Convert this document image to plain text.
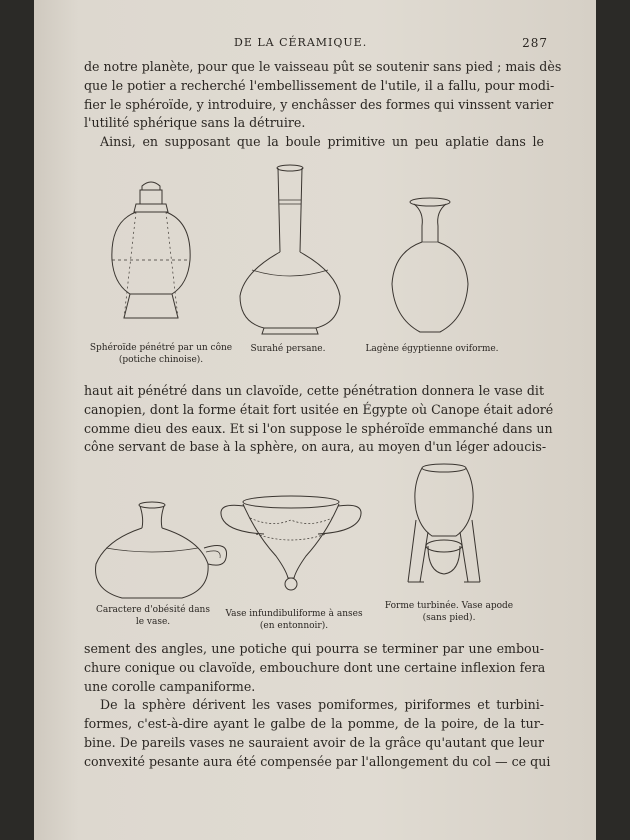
DE LA CÉRAMIQUE.	287
de notre planète, pour que le vaisseau pût se soutenir sans pied ; mais dès
que le potier a recherché l'embellissement de l'utile, il a fallu, pour modi-
fier le sphéroïde, y introduire, y enchâsser des formes qui vinssent varier
l'utilité sphérique sans la détruire.
Ainsi, en supposant que la boule primitive un peu aplatie dans le
Sphéroïde pénétré par un cône
(potiche chinoise).
Surahé persane.	Lagène égyptienne oviforme.
haut ait pénétré dans un clavoïde, cette pénétration donnera le vase dit
canopien, dont la forme était fort usitée en Égypte où Canope était adoré
comme dieu des eaux. Et si l'on suppose le sphéroïde emmanché dans un
cône servant de base à la sphère, on aura, au moyen d'un léger adoucis-
Caractere d'obésité dans
le vase.
Vase infundibuliforme à anses
(en entonnoir).
Forme turbinée. Vase apode
(sans pied).
sement des angles, une potiche qui pourra se terminer par une embou-
chure conique ou clavoïde, embouchure dont une certaine inflexion fera
une corolle campaniforme.
De la sphère dérivent les vases pomiformes, piriformes et turbini-
formes, c'est-à-dire ayant le galbe de la pomme, de la poire, de la tur-
bine. De pareils vases ne sauraient avoir de la grâce qu'autant que leur
convexité pesante aura été compensée par l'allongement du col — ce qui
